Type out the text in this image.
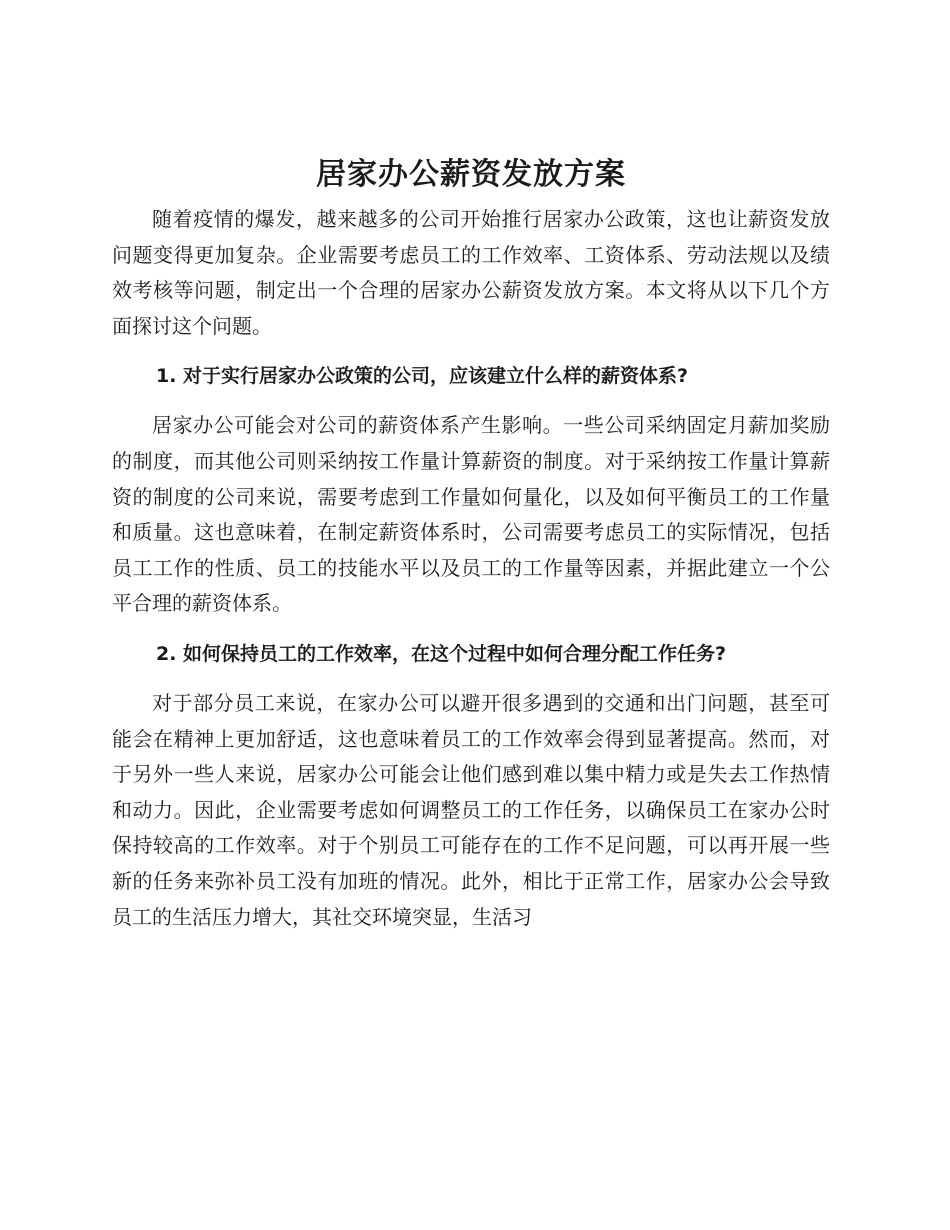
居家办公薪资发放方案

随着疫情的爆发，越来越多的公司开始推行居家办公政策，这也让薪资发放问题变得更加复杂。企业需要考虑员工的工作效率、工资体系、劳动法规以及绩效考核等问题，制定出一个合理的居家办公薪资发放方案。本文将从以下几个方面探讨这个问题。

1. 对于实行居家办公政策的公司，应该建立什么样的薪资体系?

居家办公可能会对公司的薪资体系产生影响。一些公司采纳固定月薪加奖励的制度，而其他公司则采纳按工作量计算薪资的制度。对于采纳按工作量计算薪资的制度的公司来说，需要考虑到工作量如何量化，以及如何平衡员工的工作量和质量。这也意味着，在制定薪资体系时，公司需要考虑员工的实际情况，包括员工工作的性质、员工的技能水平以及员工的工作量等因素，并据此建立一个公平合理的薪资体系。

2. 如何保持员工的工作效率，在这个过程中如何合理分配工作任务?

对于部分员工来说，在家办公可以避开很多遇到的交通和出门问题，甚至可能会在精神上更加舒适，这也意味着员工的工作效率会得到显著提高。然而，对于另外一些人来说，居家办公可能会让他们感到难以集中精力或是失去工作热情和动力。因此，企业需要考虑如何调整员工的工作任务，以确保员工在家办公时保持较高的工作效率。对于个别员工可能存在的工作不足问题，可以再开展一些新的任务来弥补员工没有加班的情况。此外，相比于正常工作，居家办公会导致员工的生活压力增大，其社交环境突显，生活习
